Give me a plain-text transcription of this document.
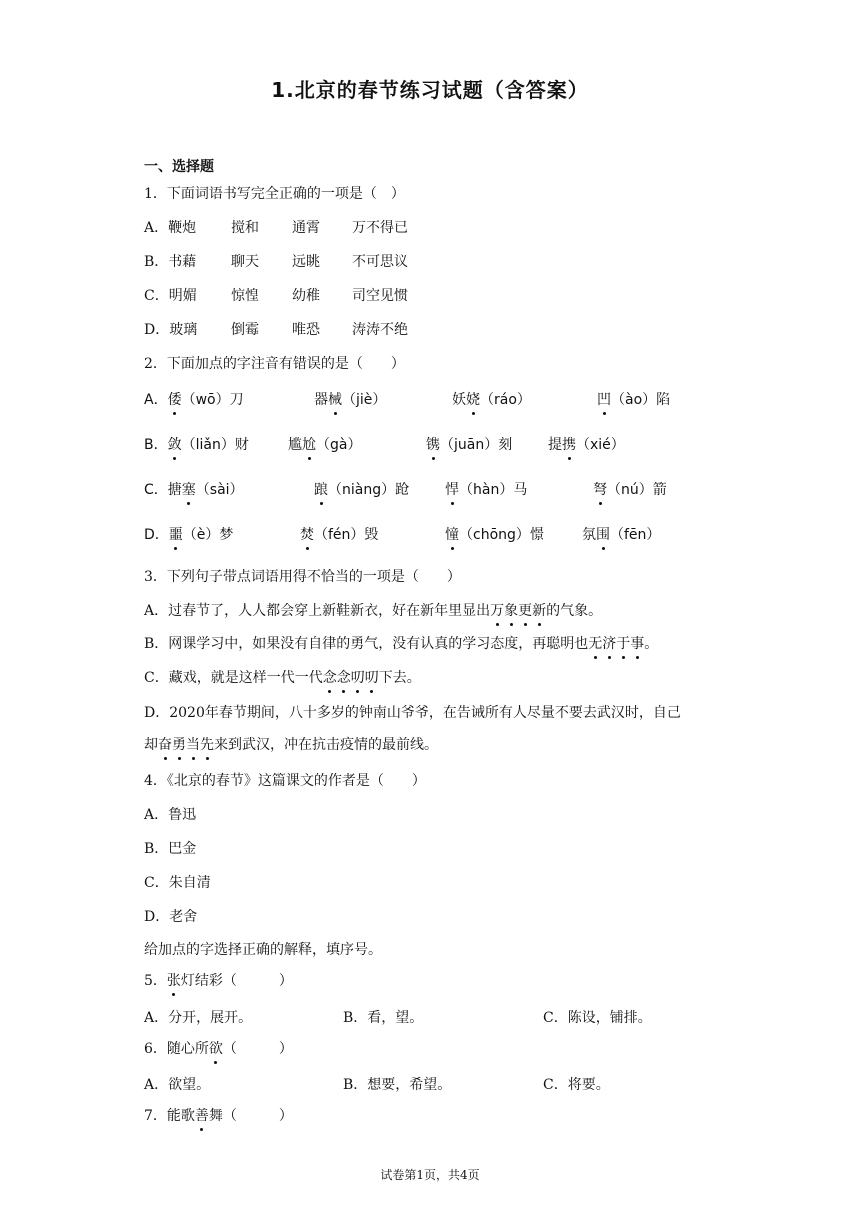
1.北京的春节练习试题（含答案）
一、选择题
1．下面词语书写完全正确的一项是（　）
A．鞭炮 搅和 通霄 万不得已
B．书藉 聊天 远眺 不可思议
C．明媚 惊惶 幼稚 司空见惯
D．玻璃 倒霉 唯恐 涛涛不绝
2．下面加点的字注音有错误的是（　　）
A．倭（wō）刀	器械（jiè）	妖娆（ráo）	凹（ào）陷
B．敛（liǎn）财	尴尬（gà）	镌（juān）刻	提携（xié）
C．搪塞（sài）	踉（niàng）跄	悍（hàn）马	弩（nú）箭
D．噩（è）梦	焚（fén）毁	憧（chōng）憬	氛围（fēn）
3．下列句子带点词语用得不恰当的一项是（　　）
A．过春节了，人人都会穿上新鞋新衣，好在新年里显出万象更新的气象。
B．网课学习中，如果没有自律的勇气，没有认真的学习态度，再聪明也无济于事。
C．藏戏，就是这样一代一代念念叨叨下去。
D．2020年春节期间，八十多岁的钟南山爷爷，在告诫所有人尽量不要去武汉时，自己
却奋勇当先来到武汉，冲在抗击疫情的最前线。
4．《北京的春节》这篇课文的作者是（　　）
A．鲁迅
B．巴金
C．朱自清
D．老舍
给加点的字选择正确的解释，填序号。
5．张灯结彩（　　　）
A．分开，展开。	B．看，望。	C．陈设，铺排。
6．随心所欲（　　　）
A．欲望。	B．想要，希望。	C．将要。
7．能歌善舞（　　　）
试卷第1页，共4页
